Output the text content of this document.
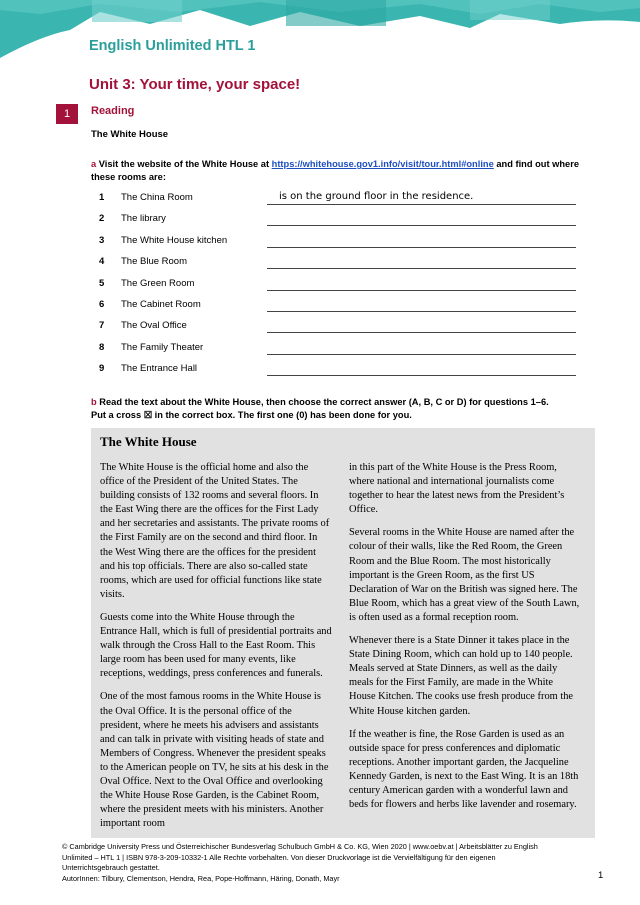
English Unlimited HTL 1
Unit 3: Your time, your space!
1	Reading
The White House
a Visit the website of the White House at https://whitehouse.gov1.info/visit/tour.html#online and find out where these rooms are:
1 The China Room	is on the ground floor in the residence.
2 The library
3 The White House kitchen
4 The Blue Room
5 The Green Room
6 The Cabinet Room
7 The Oval Office
8 The Family Theater
9 The Entrance Hall
b Read the text about the White House, then choose the correct answer (A, B, C or D) for questions 1–6.
Put a cross ☒ in the correct box. The first one (0) has been done for you.
The White House

The White House is the official home and also the office of the President of the United States. The building consists of 132 rooms and several floors. In the East Wing there are the offices for the First Lady and her secretaries and assistants. The private rooms of the First Family are on the second and third floor. In the West Wing there are the offices for the president and his top officials. There are also so-called state rooms, which are used for official functions like state visits.

Guests come into the White House through the Entrance Hall, which is full of presidential portraits and walk through the Cross Hall to the East Room. This large room has been used for many events, like receptions, weddings, press conferences and funerals.

One of the most famous rooms in the White House is the Oval Office. It is the personal office of the president, where he meets his advisers and assistants and can talk in private with visiting heads of state and Members of Congress. Whenever the president speaks to the American people on TV, he sits at his desk in the Oval Office. Next to the Oval Office and overlooking the White House Rose Garden, is the Cabinet Room, where the president meets with his ministers. Another important room

in this part of the White House is the Press Room, where national and international journalists come together to hear the latest news from the President’s Office.

Several rooms in the White House are named after the colour of their walls, like the Red Room, the Green Room and the Blue Room. The most historically important is the Green Room, as the first US Declaration of War on the British was signed here. The Blue Room, which has a great view of the South Lawn, is often used as a formal reception room.

Whenever there is a State Dinner it takes place in the State Dining Room, which can hold up to 140 people. Meals served at State Dinners, as well as the daily meals for the First Family, are made in the White House Kitchen. The cooks use fresh produce from the White House kitchen garden.

If the weather is fine, the Rose Garden is used as an outside space for press conferences and diplomatic receptions. Another important garden, the Jacqueline Kennedy Garden, is next to the East Wing. It is an 18th century American garden with a wonderful lawn and beds for flowers and herbs like lavender and rosemary.

© Cambridge University Press und Österreichischer Bundesverlag Schulbuch GmbH & Co. KG, Wien 2020 | www.oebv.at | Arbeitsblätter zu English
Unlimited – HTL 1 | ISBN 978-3-209-10332-1 Alle Rechte vorbehalten. Von dieser Druckvorlage ist die Vervielfältigung für den eigenen
Unterrichtsgebrauch gestattet.
AutorInnen: Tilbury, Clementson, Hendra, Rea, Pope-Hoffmann, Häring, Donath, Mayr	1
